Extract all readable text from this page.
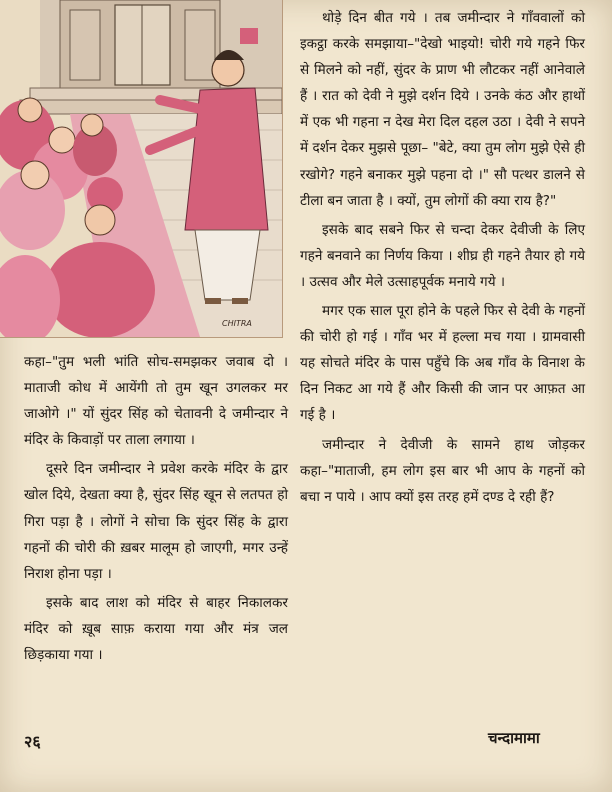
CHITRA

थोड़े दिन बीत गये । तब जमीन्दार ने गाँववालों को इकट्ठा करके समझाया–"देखो भाइयो! चोरी गये गहने फिर से मिलने को नहीं, सुंदर के प्राण भी लौटकर नहीं आनेवाले हैं । रात को देवी ने मुझे दर्शन दिये । उनके कंठ और हाथों में एक भी गहना न देख मेरा दिल दहल उठा । देवी ने सपने में दर्शन देकर मुझसे पूछा– "बेटे, क्या तुम लोग मुझे ऐसे ही रखोगे? गहने बनाकर मुझे पहना दो ।" सौ पत्थर डालने से टीला बन जाता है । क्यों, तुम लोगों की क्या राय है?"

इसके बाद सबने फिर से चन्दा देकर देवीजी के लिए गहने बनवाने का निर्णय किया । शीघ्र ही गहने तैयार हो गये । उत्सव और मेले उत्साहपूर्वक मनाये गये ।

मगर एक साल पूरा होने के पहले फिर से देवी के गहनों की चोरी हो गई । गाँव भर में हल्ला मच गया । ग्रामवासी यह सोचते मंदिर के पास पहुँचे कि अब गाँव के विनाश के दिन निकट आ गये हैं और किसी की जान पर आफ़त आ गई है ।

जमीन्दार ने देवीजी के सामने हाथ जोड़कर कहा–"माताजी, हम लोग इस बार भी आप के गहनों को बचा न पाये । आप क्यों इस तरह हमें दण्ड दे रही हैं?

कहा–"तुम भली भांति सोच-समझकर जवाब दो । माताजी कोध में आयेंगी तो तुम खून उगलकर मर जाओगे ।" यों सुंदर सिंह को चेतावनी दे जमीन्दार ने मंदिर के किवाड़ों पर ताला लगाया ।

दूसरे दिन जमीन्दार ने प्रवेश करके मंदिर के द्वार खोल दिये, देखता क्या है, सुंदर सिंह खून से लतपत हो गिरा पड़ा है । लोगों ने सोचा कि सुंदर सिंह के द्वारा गहनों की चोरी की ख़बर मालूम हो जाएगी, मगर उन्हें निराश होना पड़ा ।

इसके बाद लाश को मंदिर से बाहर निकालकर मंदिर को ख़ूब साफ़ कराया गया और मंत्र जल छिड़काया गया ।

२६	चन्दामामा
